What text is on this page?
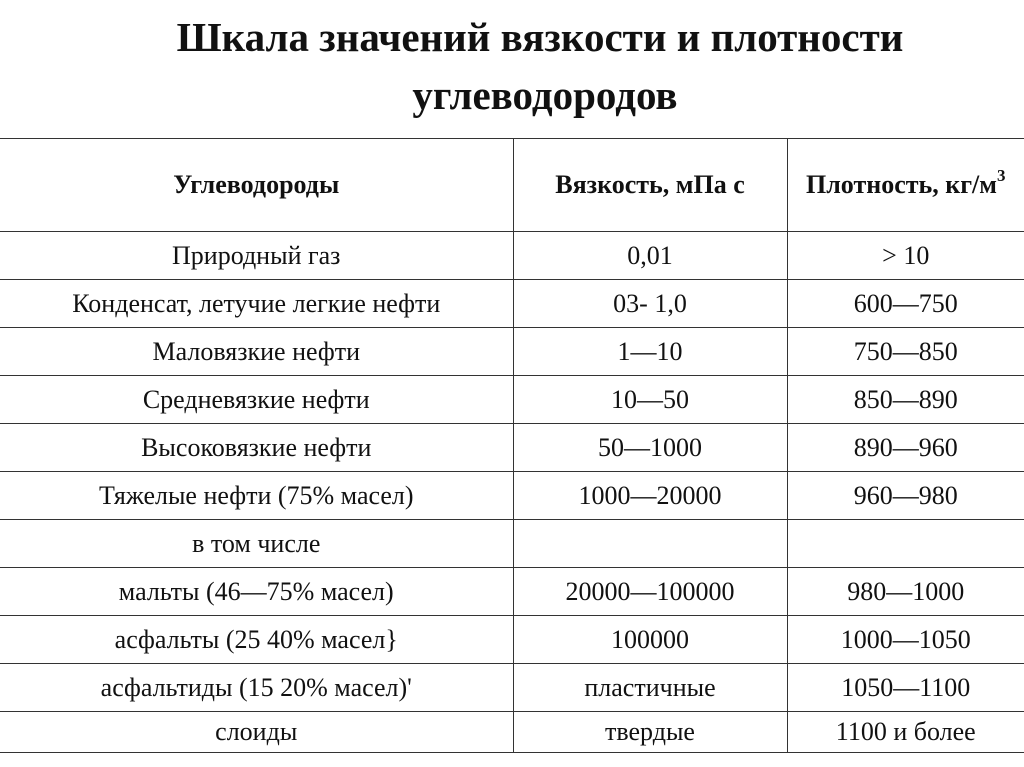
Шкала значений вязкости и плотности
углеводородов
Углеводороды	Вязкость, мПа с	Плотность, $кг/м^3$
Природный газ	0,01	> 10
Конденсат, летучие легкие нефти	03- 1,0	600—750
Маловязкие нефти	1—10	750—850
Средневязкие нефти	10—50	850—890
Высоковязкие нефти	50—1000	890—960
Тяжелые нефти (75% масел)	1000—20000	960—980
в том числе		
мальты (46—75% масел)	20000—100000	980—1000
асфальты (25 40% масел}	100000	1000—1050
асфальтиды (15 20% масел)'	пластичные	1050—1100
слоиды	твердые	1100 и более
